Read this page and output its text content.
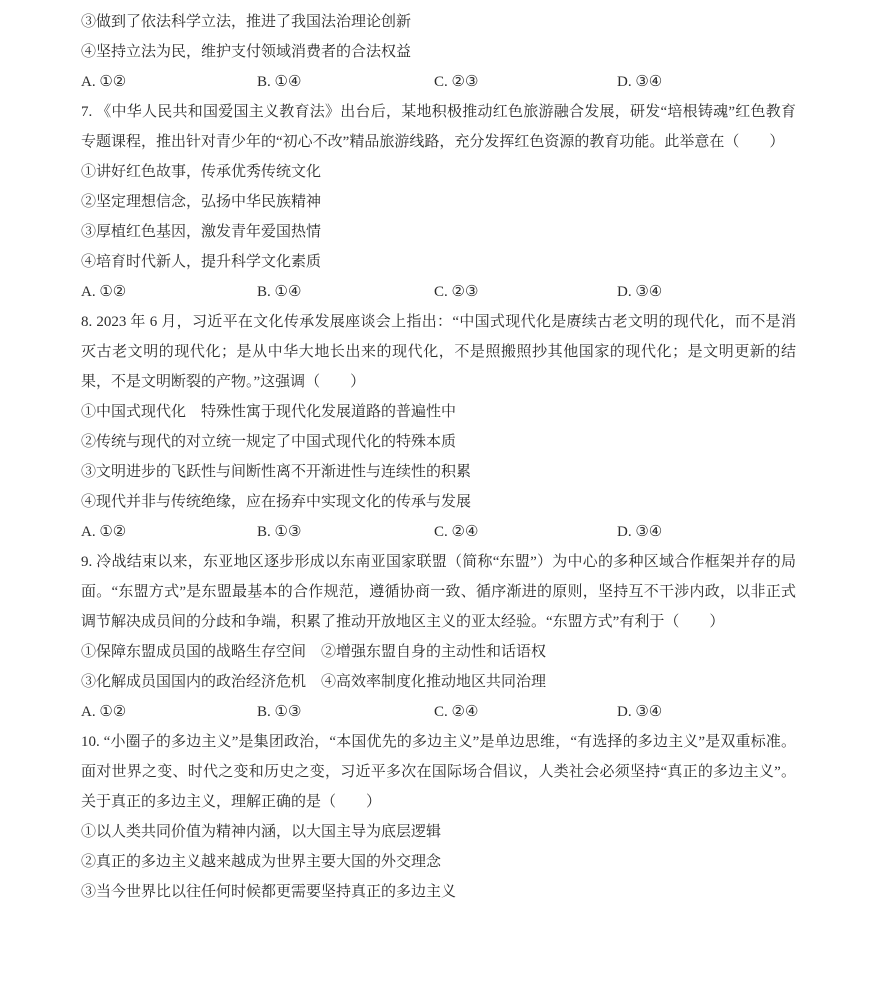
③做到了依法科学立法，推进了我国法治理论创新
④坚持立法为民，维护支付领域消费者的合法权益
A. ①②	B. ①④	C. ②③	D. ③④
7. 《中华人民共和国爱国主义教育法》出台后，某地积极推动红色旅游融合发展，研发“培根铸魂”红色教育专题课程，推出针对青少年的“初心不改”精品旅游线路，充分发挥红色资源的教育功能。此举意在（　　）
①讲好红色故事，传承优秀传统文化
②坚定理想信念，弘扬中华民族精神
③厚植红色基因，激发青年爱国热情
④培育时代新人，提升科学文化素质
A. ①②	B. ①④	C. ②③	D. ③④
8. 2023 年 6 月，习近平在文化传承发展座谈会上指出：“中国式现代化是赓续古老文明的现代化，而不是消灭古老文明的现代化；是从中华大地长出来的现代化，不是照搬照抄其他国家的现代化；是文明更新的结果，不是文明断裂的产物。”这强调（　　）
①中国式现代化　特殊性寓于现代化发展道路的普遍性中
②传统与现代的对立统一规定了中国式现代化的特殊本质
③文明进步的飞跃性与间断性离不开渐进性与连续性的积累
④现代并非与传统绝缘，应在扬弃中实现文化的传承与发展
A. ①②	B. ①③	C. ②④	D. ③④
9. 冷战结束以来，东亚地区逐步形成以东南亚国家联盟（简称“东盟”）为中心的多种区域合作框架并存的局面。“东盟方式”是东盟最基本的合作规范，遵循协商一致、循序渐进的原则，坚持互不干涉内政，以非正式调节解决成员间的分歧和争端，积累了推动开放地区主义的亚太经验。“东盟方式”有利于（　　）
①保障东盟成员国的战略生存空间　②增强东盟自身的主动性和话语权
③化解成员国国内的政治经济危机　④高效率制度化推动地区共同治理
A. ①②	B. ①③	C. ②④	D. ③④
10. “小圈子的多边主义”是集团政治，“本国优先的多边主义”是单边思维，“有选择的多边主义”是双重标准。面对世界之变、时代之变和历史之变，习近平多次在国际场合倡议，人类社会必须坚持“真正的多边主义”。关于真正的多边主义，理解正确的是（　　）
①以人类共同价值为精神内涵，以大国主导为底层逻辑
②真正的多边主义越来越成为世界主要大国的外交理念
③当今世界比以往任何时候都更需要坚持真正的多边主义
